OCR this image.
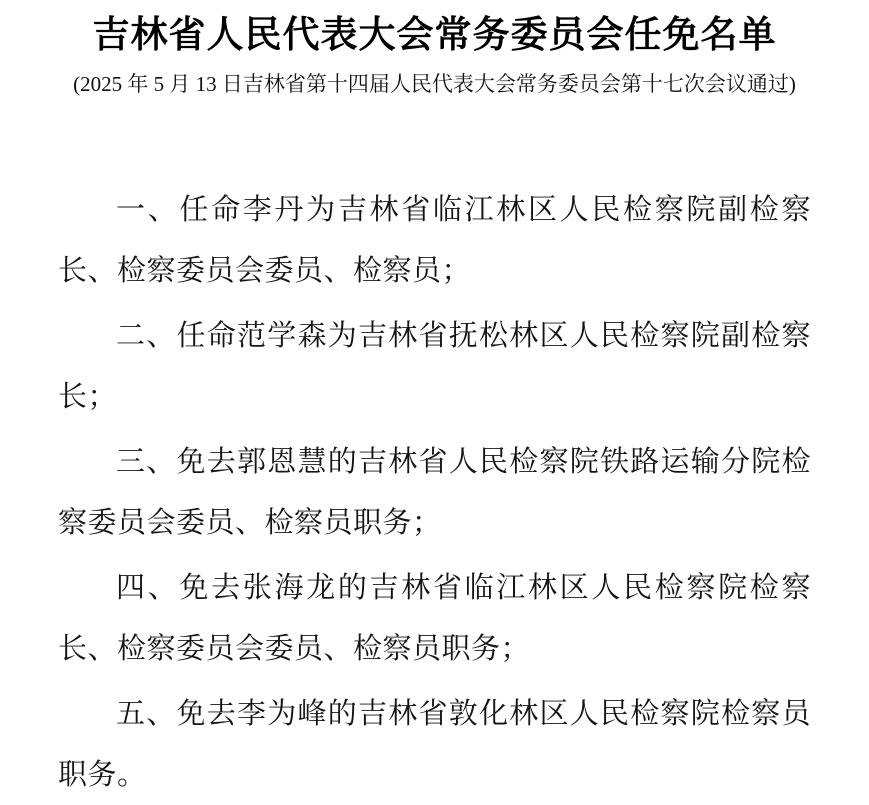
吉林省人民代表大会常务委员会任免名单

(2025 年 5 月 13 日吉林省第十四届人民代表大会常务委员会第十七次会议通过)

一、任命李丹为吉林省临江林区人民检察院副检察长、检察委员会委员、检察员；

二、任命范学森为吉林省抚松林区人民检察院副检察长；

三、免去郭恩慧的吉林省人民检察院铁路运输分院检察委员会委员、检察员职务；

四、免去张海龙的吉林省临江林区人民检察院检察长、检察委员会委员、检察员职务；

五、免去李为峰的吉林省敦化林区人民检察院检察员职务。
